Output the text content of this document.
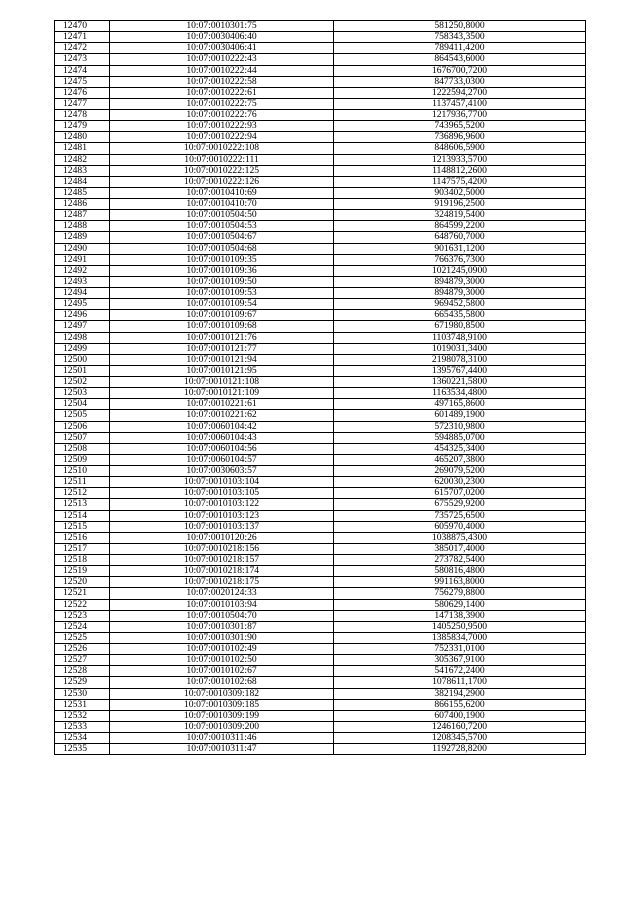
12470	10:07:0010301:75	581250,8000
12471	10:07:0030406:40	758343,3500
12472	10:07:0030406:41	789411,4200
12473	10:07:0010222:43	864543,6000
12474	10:07:0010222:44	1676700,7200
12475	10:07:0010222:58	847733,0300
12476	10:07:0010222:61	1222594,2700
12477	10:07:0010222:75	1137457,4100
12478	10:07:0010222:76	1217936,7700
12479	10:07:0010222:93	743965,5200
12480	10:07:0010222:94	736896,9600
12481	10:07:0010222:108	848606,5900
12482	10:07:0010222:111	1213933,5700
12483	10:07:0010222:125	1148812,2600
12484	10:07:0010222:126	1147575,4200
12485	10:07:0010410:69	903402,5000
12486	10:07:0010410:70	919196,2500
12487	10:07:0010504:50	324819,5400
12488	10:07:0010504:53	864599,2200
12489	10:07:0010504:67	648760,7000
12490	10:07:0010504:68	901631,1200
12491	10:07:0010109:35	766376,7300
12492	10:07:0010109:36	1021245,0900
12493	10:07:0010109:50	894879,3000
12494	10:07:0010109:53	894879,3000
12495	10:07:0010109:54	969452,5800
12496	10:07:0010109:67	665435,5800
12497	10:07:0010109:68	671980,8500
12498	10:07:0010121:76	1103748,9100
12499	10:07:0010121:77	1019031,3400
12500	10:07:0010121:94	2198078,3100
12501	10:07:0010121:95	1395767,4400
12502	10:07:0010121:108	1360221,5800
12503	10:07:0010121:109	1163534,4800
12504	10:07:0010221:61	497165,8600
12505	10:07:0010221:62	601489,1900
12506	10:07:0060104:42	572310,9800
12507	10:07:0060104:43	594885,0700
12508	10:07:0060104:56	454325,3400
12509	10:07:0060104:57	465207,3800
12510	10:07:0030603:57	269079,5200
12511	10:07:0010103:104	620030,2300
12512	10:07:0010103:105	615707,0200
12513	10:07:0010103:122	675529,9200
12514	10:07:0010103:123	735725,6500
12515	10:07:0010103:137	605970,4000
12516	10:07:0010120:26	1038875,4300
12517	10:07:0010218:156	385017,4000
12518	10:07:0010218:157	273782,5400
12519	10:07:0010218:174	580816,4800
12520	10:07:0010218:175	991163,8000
12521	10:07:0020124:33	756279,8800
12522	10:07:0010103:94	580629,1400
12523	10:07:0010504:70	147138,3900
12524	10:07:0010301:87	1405250,9500
12525	10:07:0010301:90	1385834,7000
12526	10:07:0010102:49	752331,0100
12527	10:07:0010102:50	305367,9100
12528	10:07:0010102:67	541672,2400
12529	10:07:0010102:68	1078611,1700
12530	10:07:0010309:182	382194,2900
12531	10:07:0010309:185	866155,6200
12532	10:07:0010309:199	607400,1900
12533	10:07:0010309:200	1246160,7200
12534	10:07:0010311:46	1208345,5700
12535	10:07:0010311:47	1192728,8200
